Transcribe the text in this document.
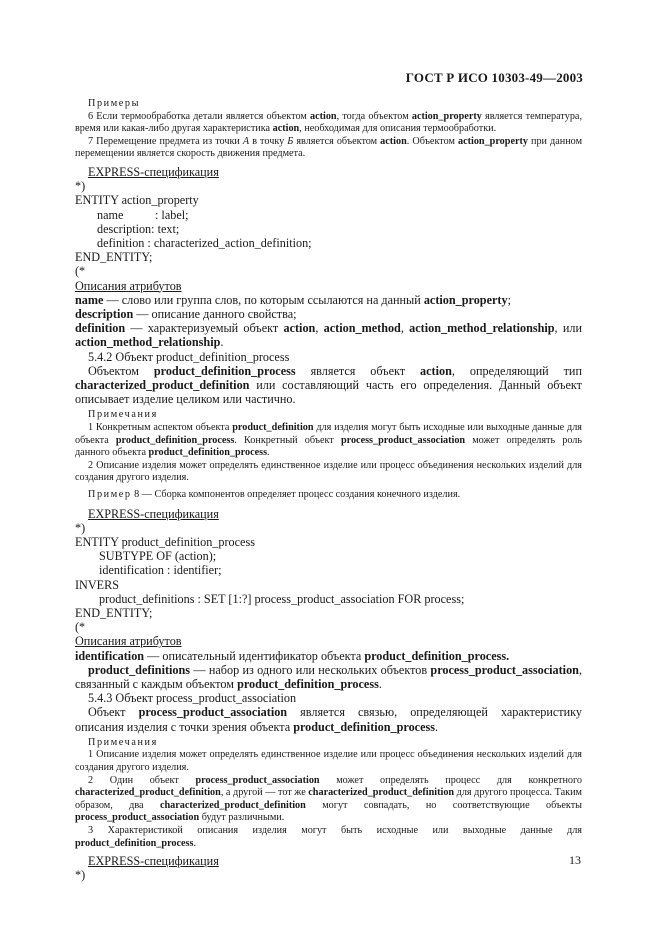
ГОСТ Р ИСО 10303-49—2003

Примеры

6 Если термообработка детали является объектом action, тогда объектом action_property является температура, время или какая-либо другая характеристика action, необходимая для описания термообработки.

7 Перемещение предмета из точки А в точку Б является объектом action. Объектом action_property при данном перемещении является скорость движения предмета.

EXPRESS-спецификация

*)
ENTITY action_property
name	: label;
description: text;
definition : characterized_action_definition;
END_ENTITY;
(*

Описания атрибутов

name — слово или группа слов, по которым ссылаются на данный action_property;

description — описание данного свойства;

definition — характеризуемый объект action, action_method, action_method_relationship, или action_method_relationship.

5.4.2 Объект product_definition_process

Объектом product_definition_process является объект action, определяющий тип characterized_product_definition или составляющий часть его определения. Данный объект описывает изделие целиком или частично.

Примечания

1 Конкретным аспектом объекта product_definition для изделия могут быть исходные или выходные данные для объекта product_definition_process. Конкретный объект process_product_association может определять роль данного объекта product_definition_process.

2 Описание изделия может определять единственное изделие или процесс объединения нескольких изделий для создания другого изделия.

Пример 8 — Сборка компонентов определяет процесс создания конечного изделия.

EXPRESS-спецификация

*)
ENTITY product_definition_process
SUBTYPE OF (action);
identification : identifier;
INVERS
product_definitions : SET [1:?] process_product_association FOR process;
END_ENTITY;
(*

Описания атрибутов

identification — описательный идентификатор объекта product_definition_process.

product_definitions — набор из одного или нескольких объектов process_product_association, связанный с каждым объектом product_definition_process.

5.4.3 Объект process_product_association

Объект process_product_association является связью, определяющей характеристику описания изделия с точки зрения объекта product_definition_process.

Примечания

1 Описание изделия может определять единственное изделие или процесс объединения нескольких изделий для создания другого изделия.

2 Один объект process_product_association может определять процесс для конкретного characterized_product_definition, а другой — тот же characterized_product_definition для другого процесса. Таким образом, два characterized_product_definition могут совпадать, но соответствующие объекты process_product_association будут различными.

3 Характеристикой описания изделия могут быть исходные или выходные данные для product_definition_process.

EXPRESS-спецификация

*)
13
